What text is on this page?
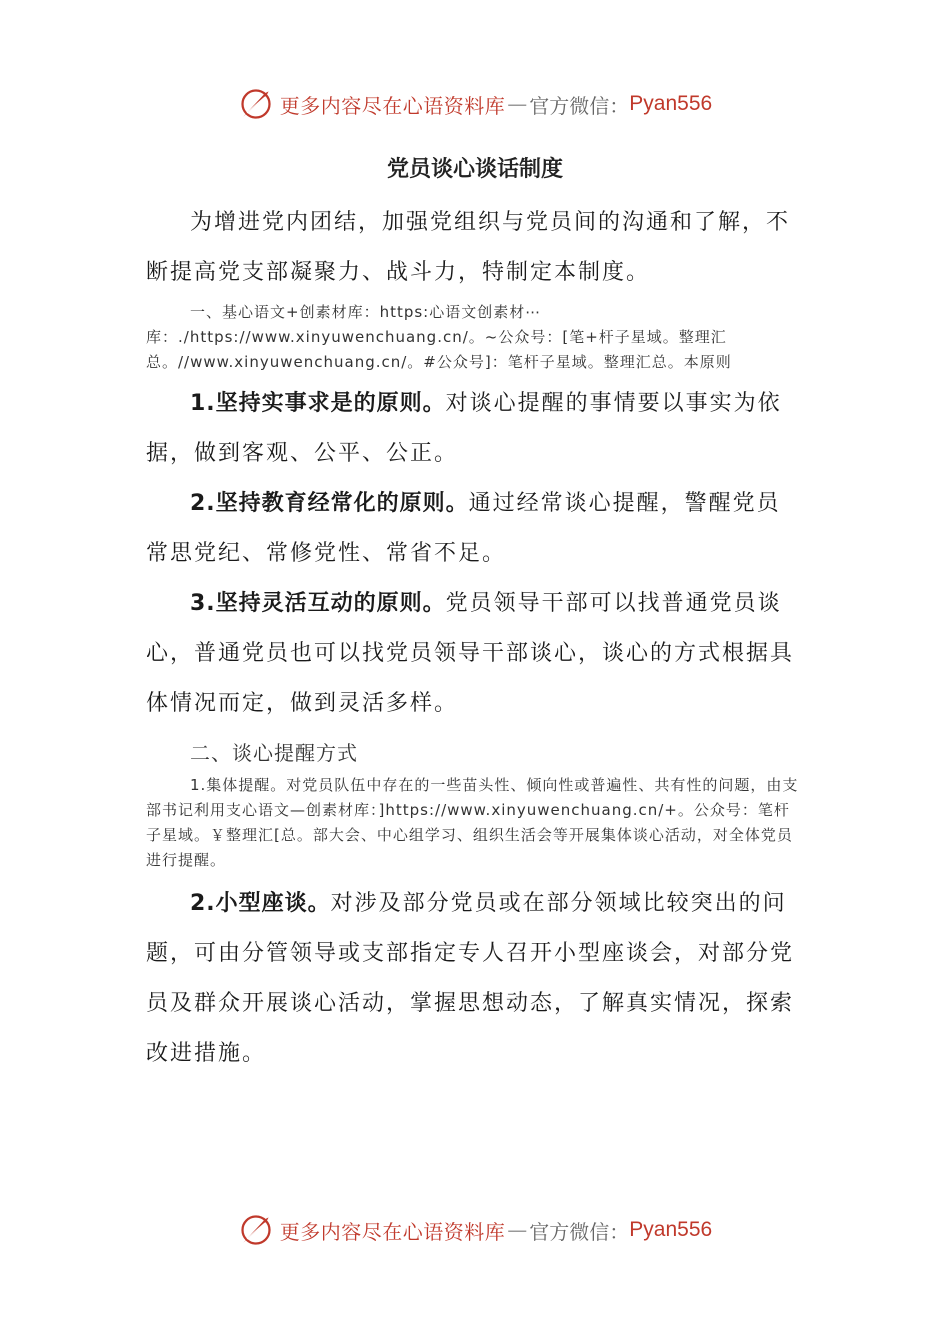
更多内容尽在心语资料库 — 官方微信： Pyan556
党员谈心谈话制度

为增进党内团结，加强党组织与党员间的沟通和了解，不断提高党支部凝聚力、战斗力，特制定本制度。

一、基心语文+创素材库：https:心语文创素材⋯库：./https://www.xinyuwenchuang.cn/。~公众号：[笔+杆子星域。整理汇总。//www.xinyuwenchuang.cn/。#公众号]：笔杆子星域。整理汇总。本原则

1.坚持实事求是的原则。对谈心提醒的事情要以事实为依据，做到客观、公平、公正。

2.坚持教育经常化的原则。通过经常谈心提醒，警醒党员常思党纪、常修党性、常省不足。

3.坚持灵活互动的原则。党员领导干部可以找普通党员谈心，普通党员也可以找党员领导干部谈心，谈心的方式根据具体情况而定，做到灵活多样。

二、谈心提醒方式

1.集体提醒。对党员队伍中存在的一些苗头性、倾向性或普遍性、共有性的问题，由支部书记利用支心语文—创素材库：]https://www.xinyuwenchuang.cn/+。公众号：笔杆子星域。￥整理汇[总。部大会、中心组学习、组织生活会等开展集体谈心活动，对全体党员进行提醒。

2.小型座谈。对涉及部分党员或在部分领域比较突出的问题，可由分管领导或支部指定专人召开小型座谈会，对部分党员及群众开展谈心活动，掌握思想动态，了解真实情况，探索改进措施。

更多内容尽在心语资料库 — 官方微信： Pyan556
